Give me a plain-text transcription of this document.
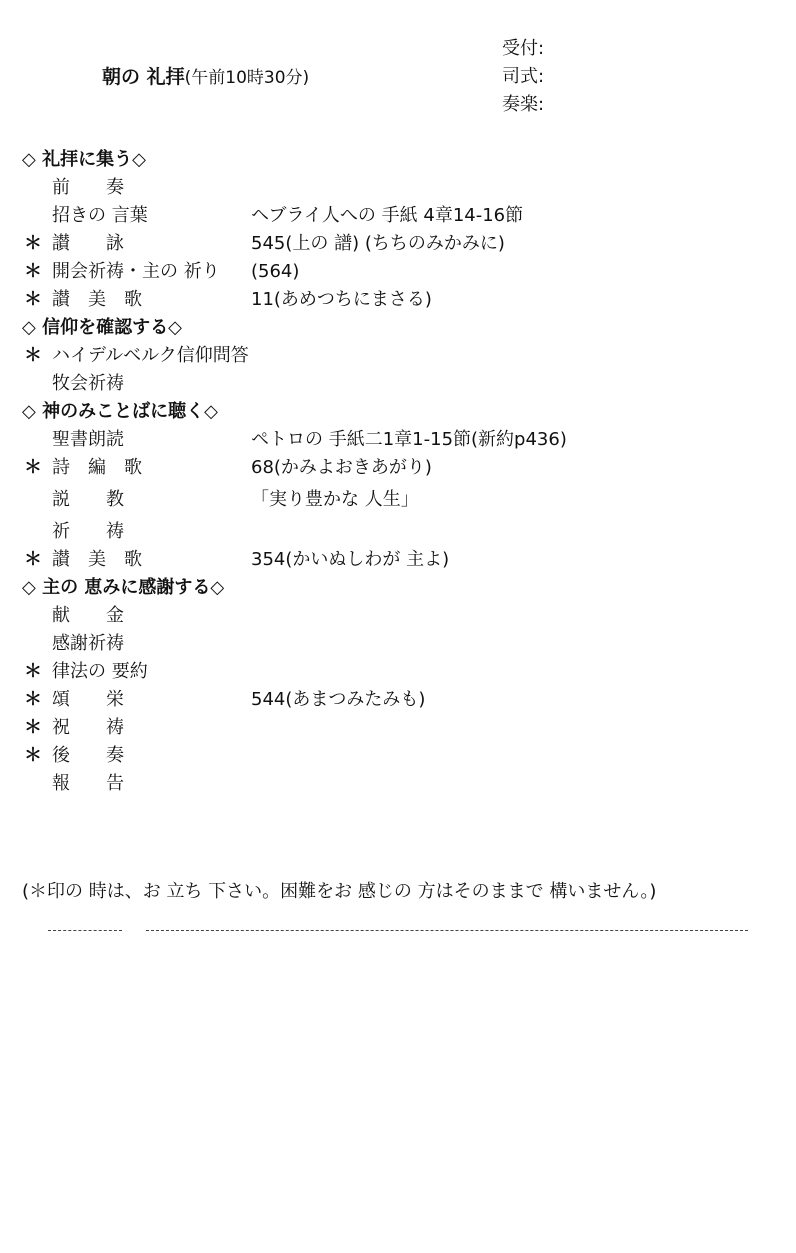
朝の 礼拝(午前10時30分)
受付:
司式:
奏楽:
◇ 礼拝に集う◇
前　　奏
招きの 言葉	ヘブライ人への 手紙 4章14-16節
＊ 讃　　詠	545(上の 譜) (ちちのみかみに)
＊ 開会祈祷・主の 祈り (564)
＊ 讃　美　歌	11(あめつちにまさる)
◇ 信仰を確認する◇
＊ ハイデルベルク信仰問答
牧会祈祷
◇ 神のみことばに聴く◇
聖書朗読	ペトロの 手紙二1章1-15節(新約p436)
＊ 詩　編　歌	68(かみよおきあがり)
説　　教	「実り豊かな 人生」
祈　　祷
＊ 讃　美　歌	354(かいぬしわが 主よ)
◇ 主の 恵みに感謝する◇
献　　金
感謝祈祷
＊ 律法の 要約
＊ 頌　　栄	544(あまつみたみも)
＊ 祝　　祷
＊ 後　　奏
報　　告
(＊印の 時は、お 立ち 下さい。困難をお 感じの 方はそのままで 構いません。)
